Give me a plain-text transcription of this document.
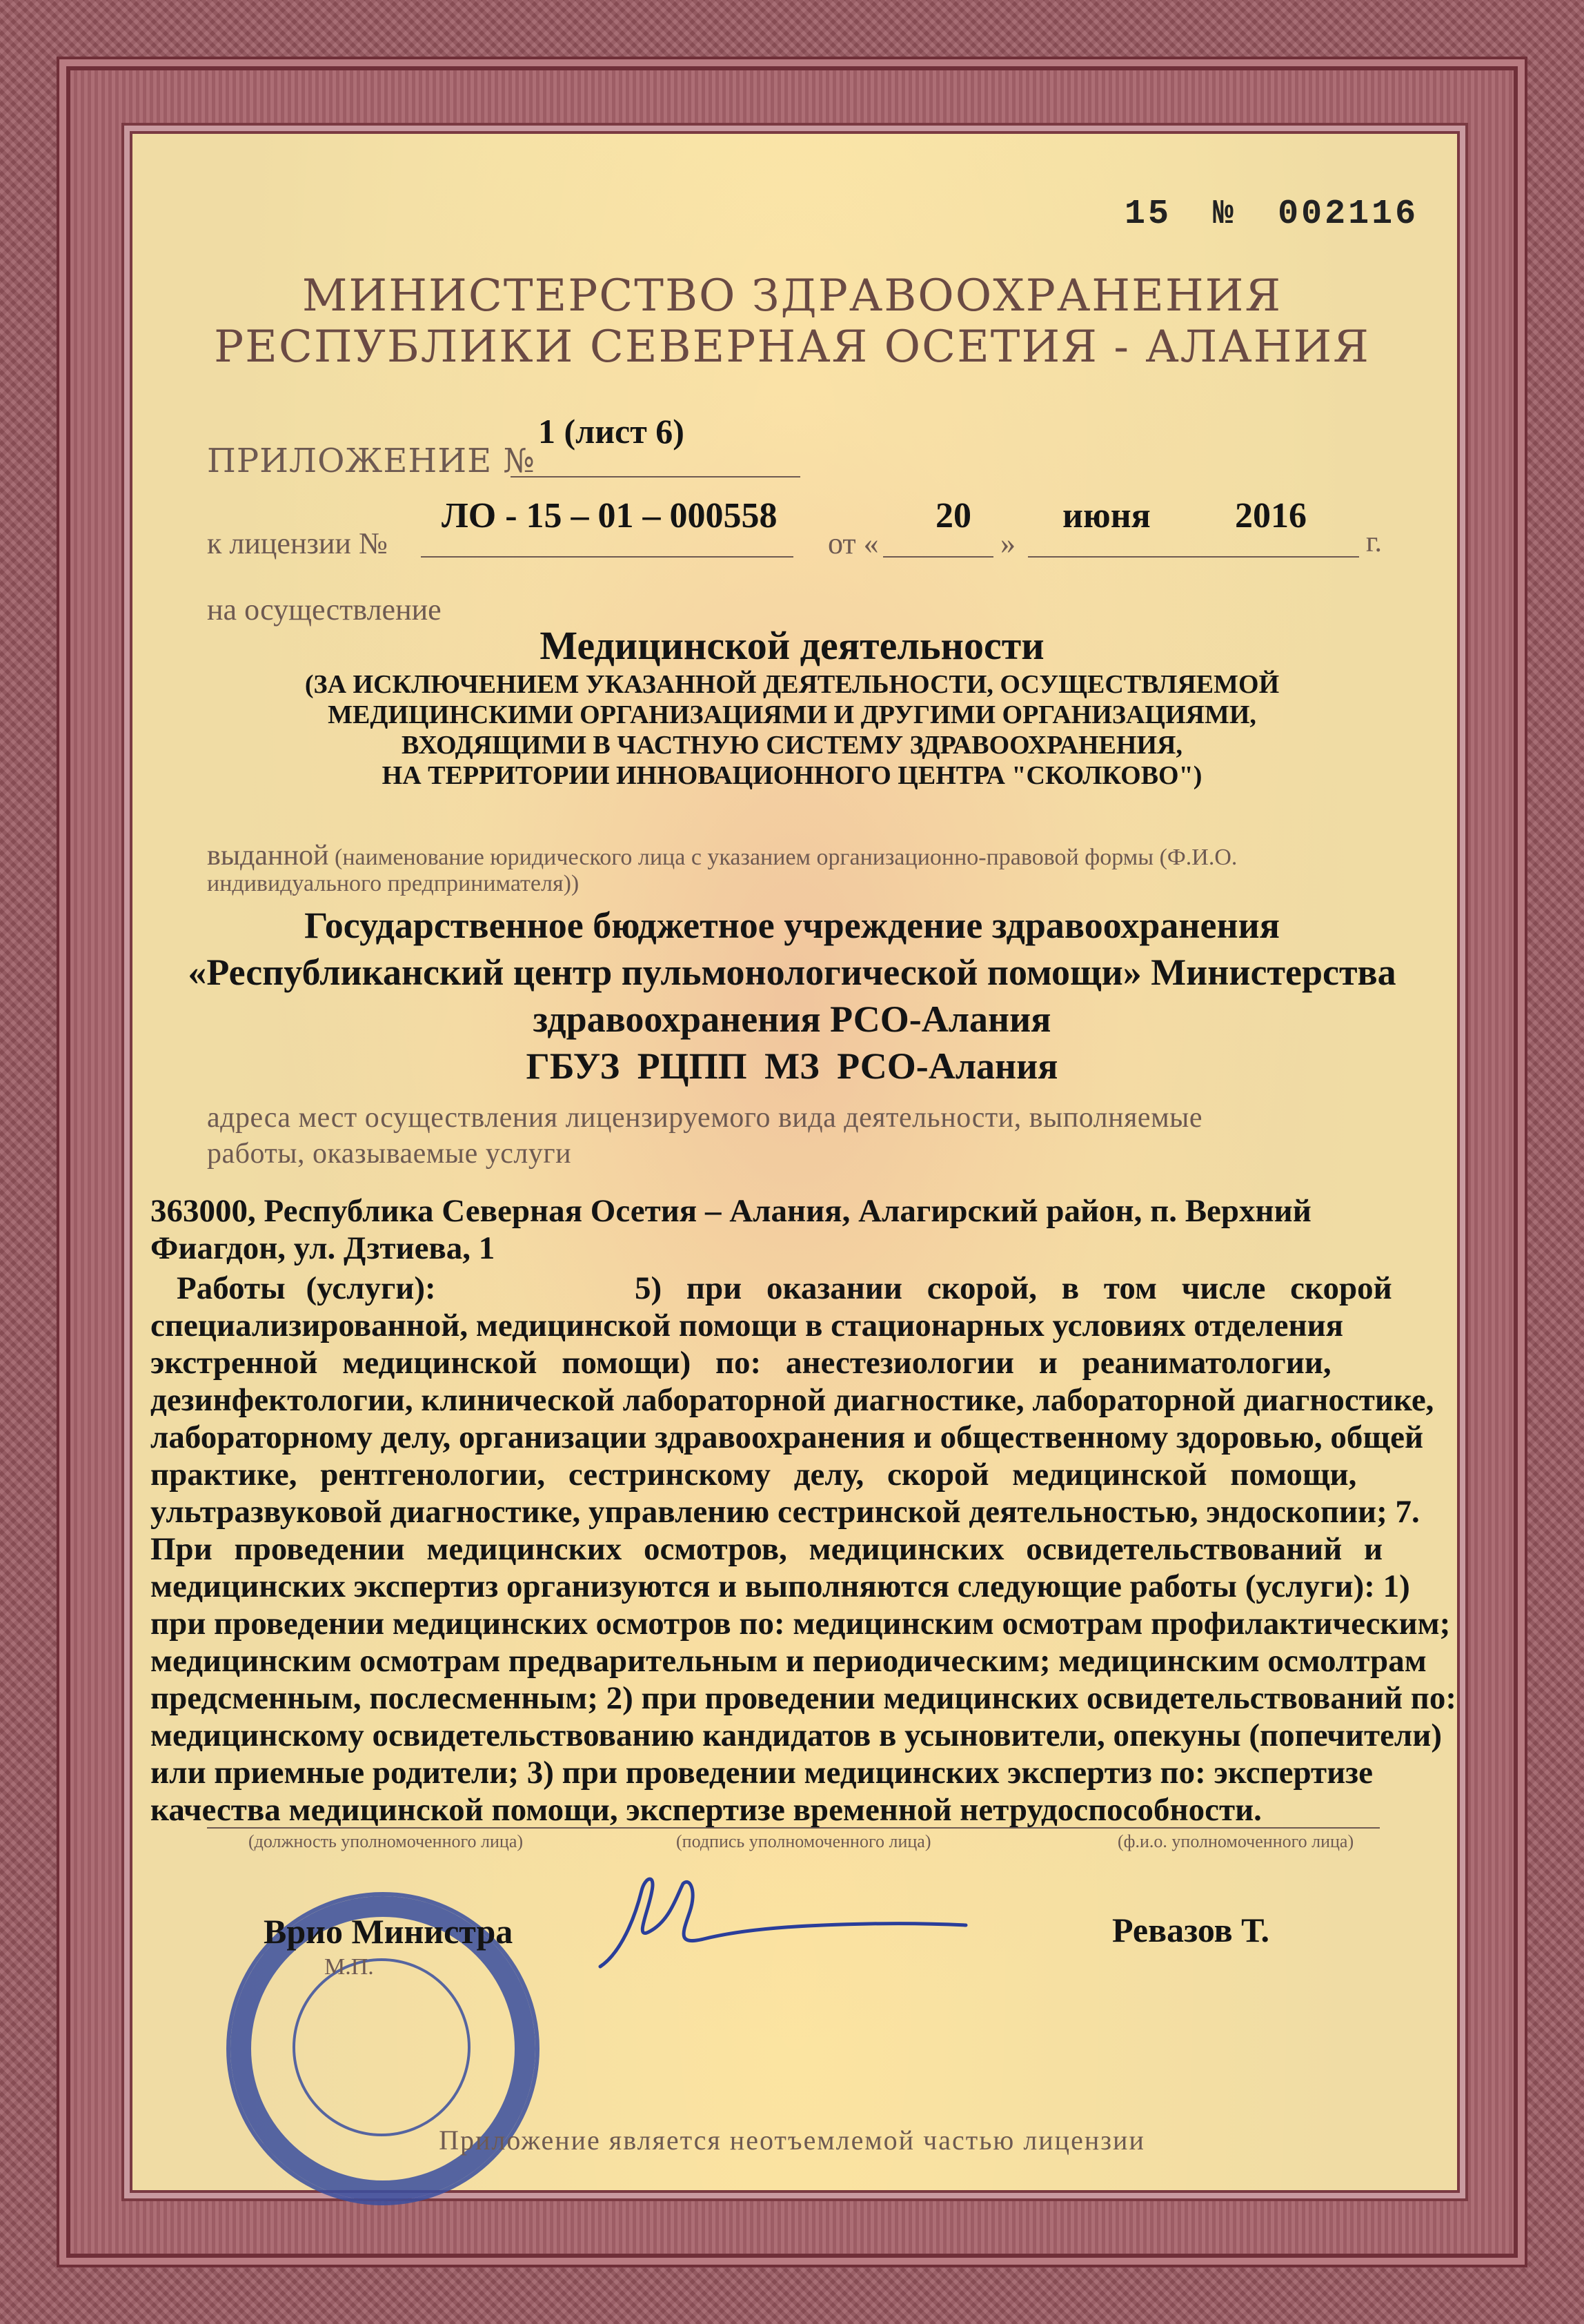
15 № 002116
МИНИСТЕРСТВО ЗДРАВООХРАНЕНИЯ
РЕСПУБЛИКИ СЕВЕРНАЯ ОСЕТИЯ - АЛАНИЯ
ПРИЛОЖЕНИЕ №
1 (лист 6)
к лицензии №
ЛО - 15 – 01 – 000558
от «
20
»
июня 2016
г.
на осуществление
Медицинской деятельности
(ЗА ИСКЛЮЧЕНИЕМ УКАЗАННОЙ ДЕЯТЕЛЬНОСТИ, ОСУЩЕСТВЛЯЕМОЙ
МЕДИЦИНСКИМИ ОРГАНИЗАЦИЯМИ И ДРУГИМИ ОРГАНИЗАЦИЯМИ,
ВХОДЯЩИМИ В ЧАСТНУЮ СИСТЕМУ ЗДРАВООХРАНЕНИЯ,
НА ТЕРРИТОРИИ ИННОВАЦИОННОГО ЦЕНТРА "СКОЛКОВО")
выданной (наименование юридического лица с указанием организационно-правовой формы (Ф.И.О.
индивидуального предпринимателя))
Государственное бюджетное учреждение здравоохранения
«Республиканский центр пульмонологической помощи» Министерства
здравоохранения РСО-Алания
ГБУЗ РЦПП МЗ РСО-Алания
адреса мест осуществления лицензируемого вида деятельности, выполняемые
работы, оказываемые услуги
363000, Республика Северная Осетия – Алания, Алагирский район, п. Верхний
Фиагдон, ул. Дзтиева, 1
Работы (услуги):	5) при оказании скорой, в том числе скорой
специализированной, медицинской помощи в стационарных условиях отделения
экстренной медицинской помощи) по: анестезиологии и реаниматологии,
дезинфектологии, клинической лабораторной диагностике, лабораторной диагностике,
лабораторному делу, организации здравоохранения и общественному здоровью, общей
практике, рентгенологии, сестринскому делу, скорой медицинской помощи,
ультразвуковой диагностике, управлению сестринской деятельностью, эндоскопии; 7.
При проведении медицинских осмотров, медицинских освидетельствований и
медицинских экспертиз организуются и выполняются следующие работы (услуги): 1)
при проведении медицинских осмотров по: медицинским осмотрам профилактическим;
медицинским осмотрам предварительным и периодическим; медицинским осмолтрам
предсменным, послесменным; 2) при проведении медицинских освидетельствований по:
медицинскому освидетельствованию кандидатов в усыновители, опекуны (попечители)
или приемные родители; 3) при проведении медицинских экспертиз по: экспертизе
качества медицинской помощи, экспертизе временной нетрудоспособности.
(должность уполномоченного лица)	(подпись уполномоченного лица)	(ф.и.о. уполномоченного лица)
Врио Министра
М.П.
Ревазов Т.
Приложение является неотъемлемой частью лицензии
